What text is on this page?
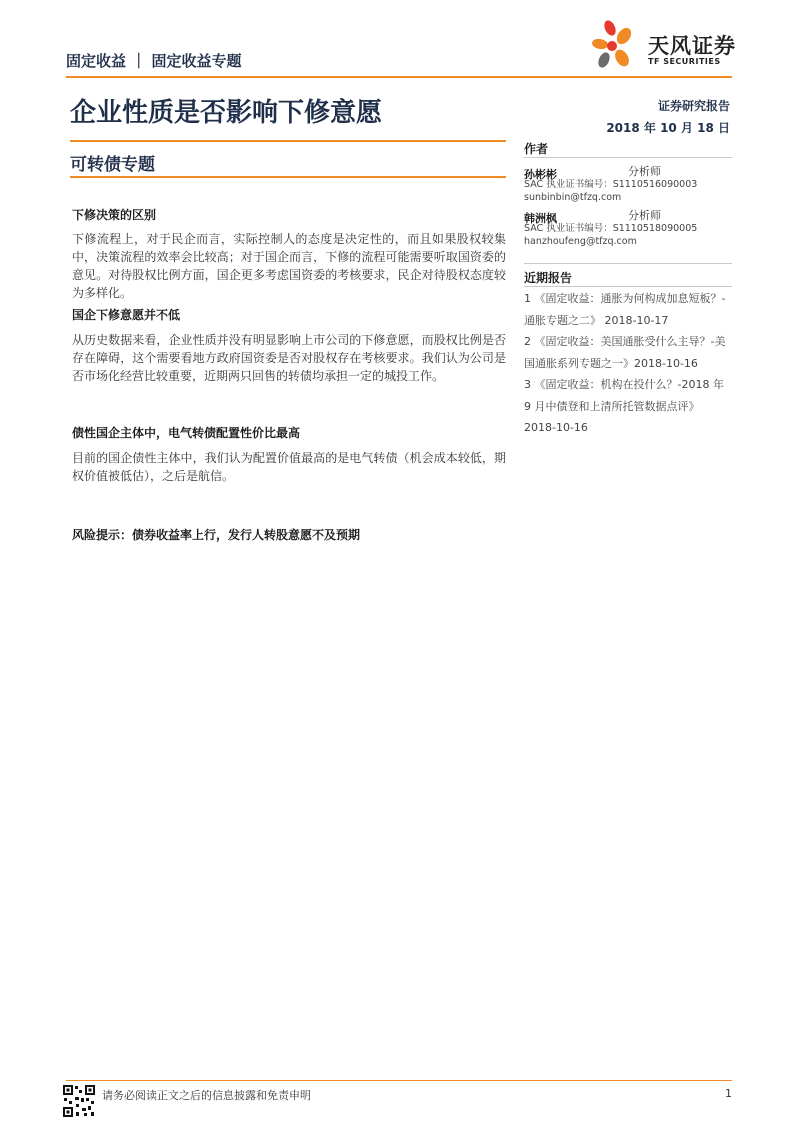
固定收益 ｜ 固定收益专题
天风证券
TF SECURITIES
企业性质是否影响下修意愿	证券研究报告
2018 年 10 月 18 日
可转债专题
下修决策的区别
下修流程上，对于民企而言，实际控制人的态度是决定性的，而且如果股权较集中，决策流程的效率会比较高；对于国企而言，下修的流程可能需要听取国资委的意见。对待股权比例方面，国企更多考虑国资委的考核要求，民企对待股权态度较为多样化。
国企下修意愿并不低
从历史数据来看，企业性质并没有明显影响上市公司的下修意愿，而股权比例是否存在障碍，这个需要看地方政府国资委是否对股权存在考核要求。我们认为公司是否市场化经营比较重要，近期两只回售的转债均承担一定的城投工作。
债性国企主体中，电气转债配置性价比最高
目前的国企债性主体中，我们认为配置价值最高的是电气转债（机会成本较低，期权价值被低估），之后是航信。
风险提示：债券收益率上行，发行人转股意愿不及预期
作者
孙彬彬	分析师
SAC 执业证书编号：S1110516090003
sunbinbin@tfzq.com
韩洲枫	分析师
SAC 执业证书编号：S1110518090005
hanzhoufeng@tfzq.com
近期报告
1 《固定收益：通胀为何构成加息短板？-通胀专题之二》 2018-10-17
2 《固定收益：美国通胀受什么主导？-美国通胀系列专题之一》2018-10-16
3 《固定收益：机构在投什么？-2018 年 9 月中债登和上清所托管数据点评》 2018-10-16
请务必阅读正文之后的信息披露和免责申明	1
